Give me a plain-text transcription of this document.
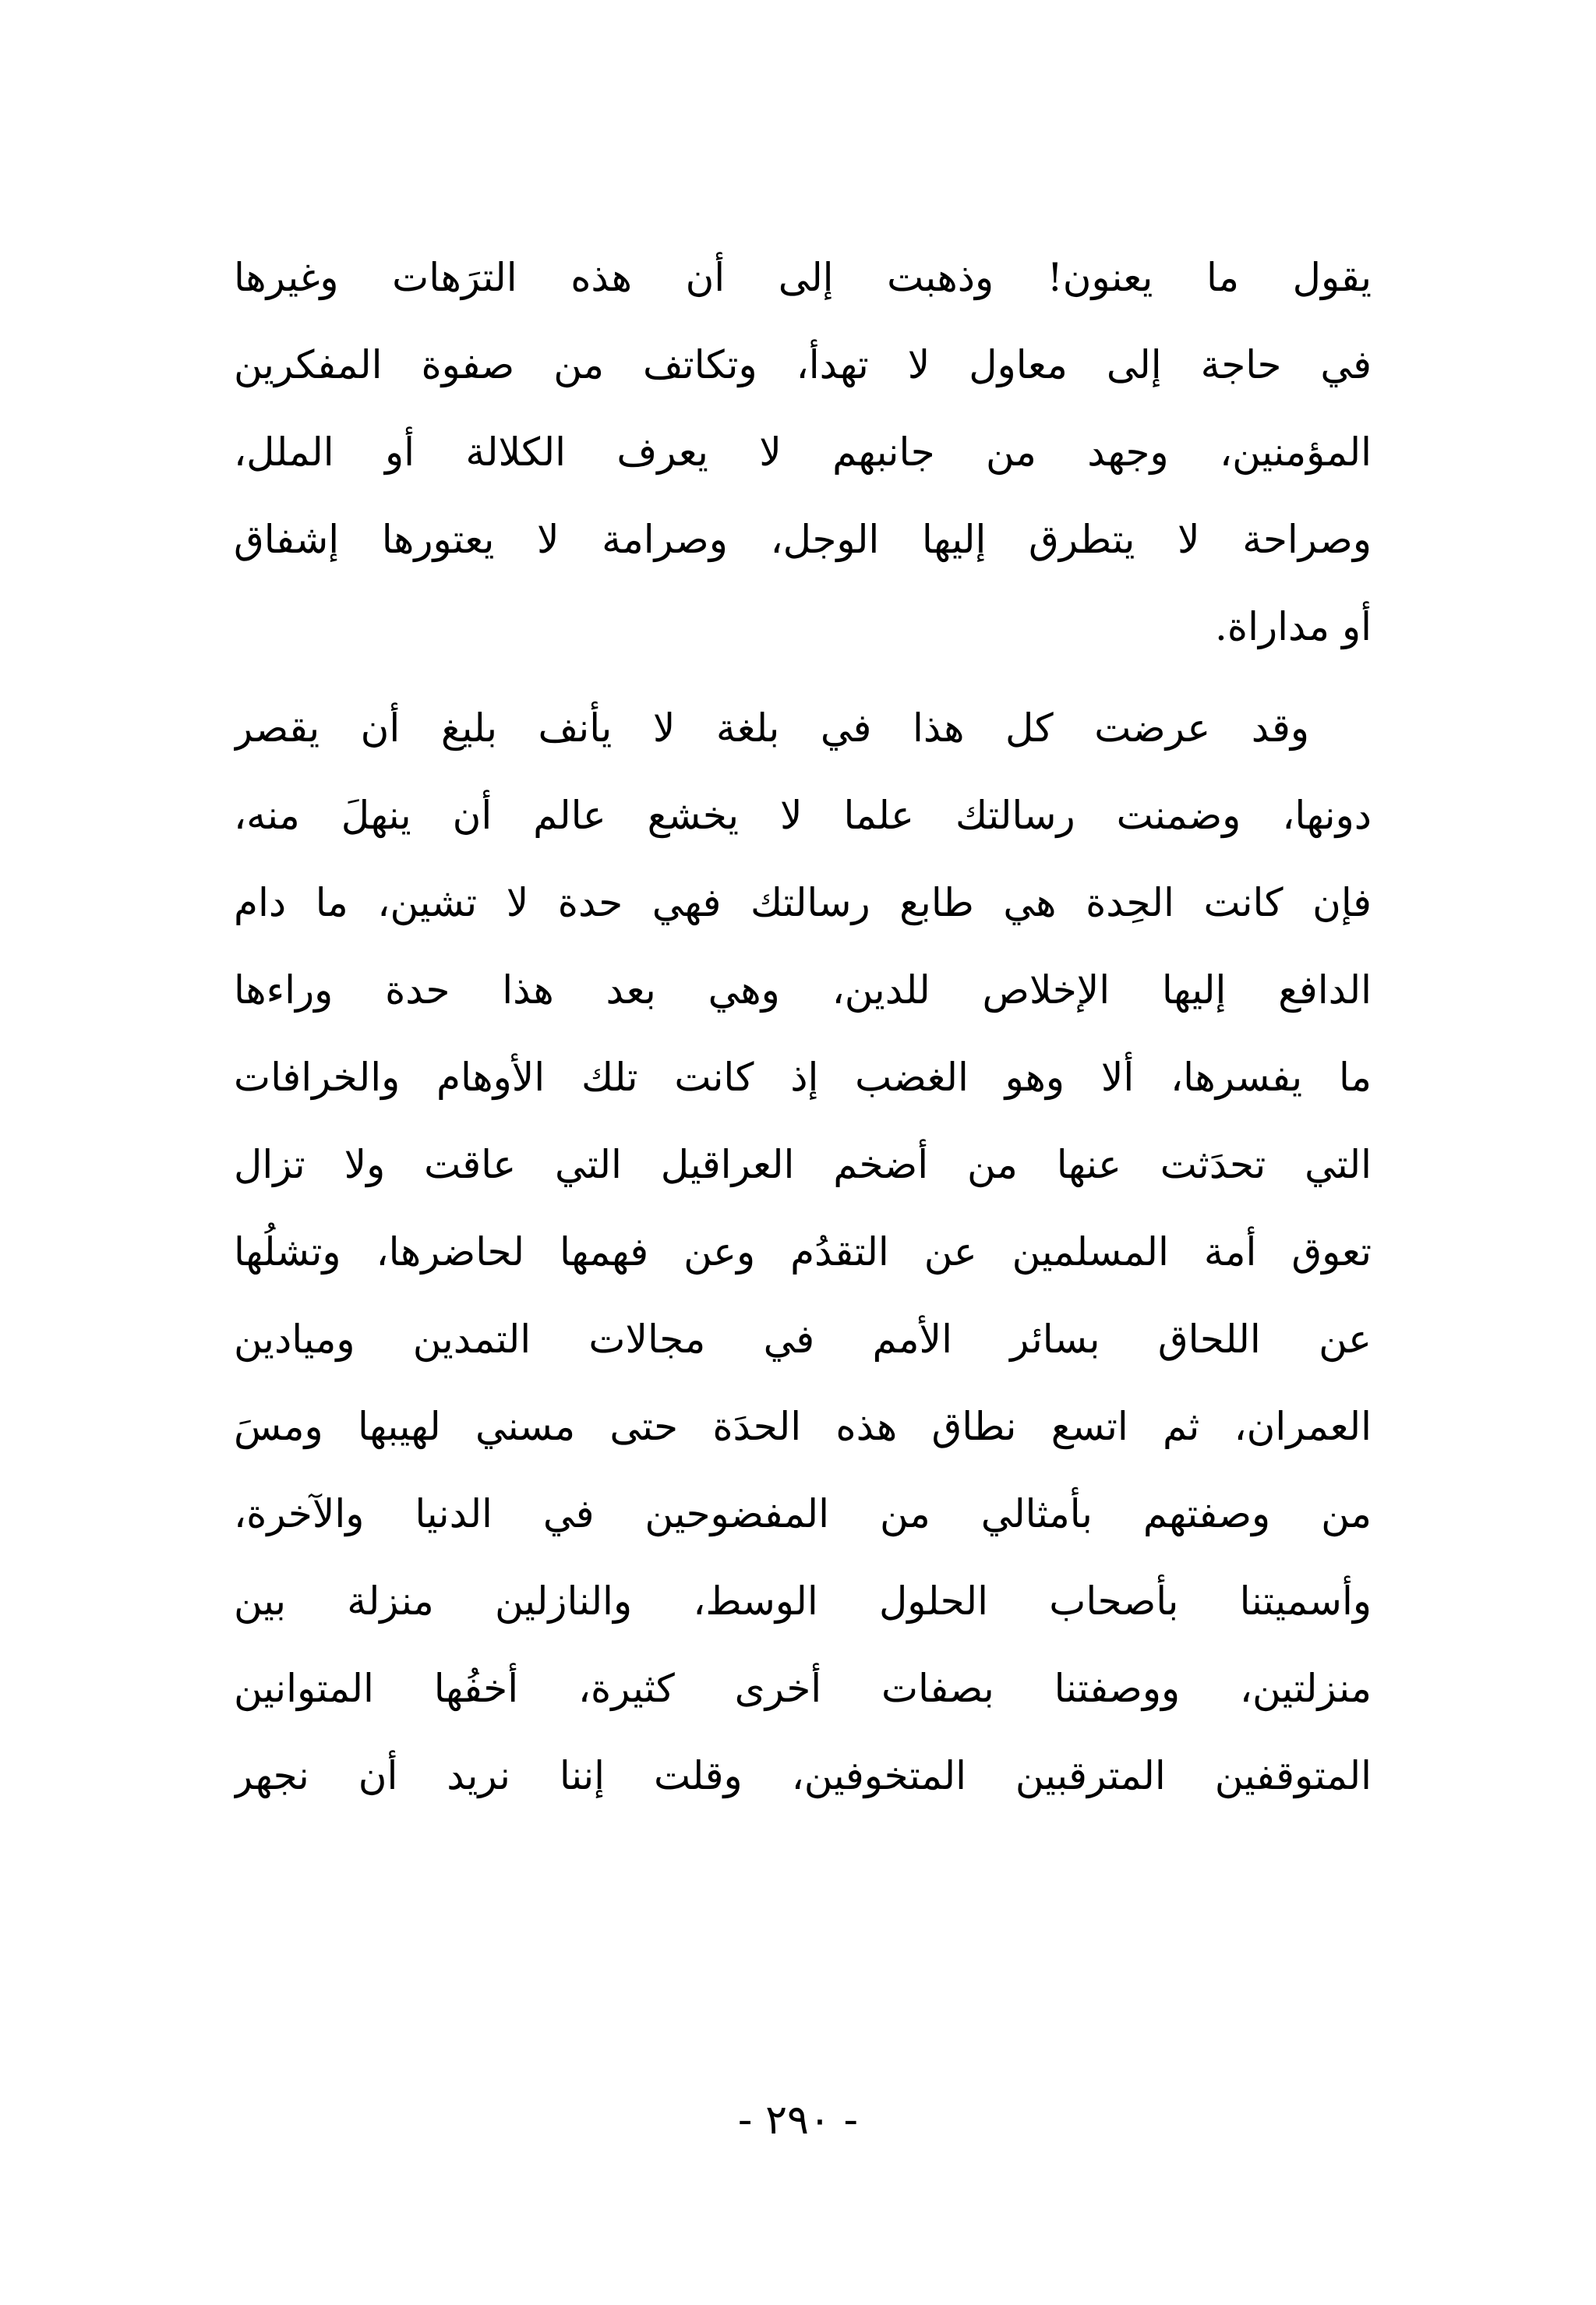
يقول ما يعنون! وذهبت إلى أن هذه الترَهات وغيرها
في حاجة إلى معاول لا تهدأ، وتكاتف من صفوة المفكرين
المؤمنين، وجهد من جانبهم لا يعرف الكلالة أو الملل،
وصراحة لا يتطرق إليها الوجل، وصرامة لا يعتورها إشفاق
أو مداراة.
وقد عرضت كل هذا في بلغة لا يأنف بليغ أن يقصر
دونها، وضمنت رسالتك علما لا يخشع عالم أن ينهلَ منه،
فإن كانت الحِدة هي طابع رسالتك فهي حدة لا تشين، ما دام
الدافع إليها الإخلاص للدين، وهي بعد هذا حدة وراءها
ما يفسرها، ألا وهو الغضب إذ كانت تلك الأوهام والخرافات
التي تحدَثت عنها من أضخم العراقيل التي عاقت ولا تزال
تعوق أمة المسلمين عن التقدُم وعن فهمها لحاضرها، وتشلُها
عن اللحاق بسائر الأمم في مجالات التمدين وميادين
العمران، ثم اتسع نطاق هذه الحدَة حتى مسني لهيبها ومسَ
من وصفتهم بأمثالي من المفضوحين في الدنيا والآخرة،
وأسميتنا بأصحاب الحلول الوسط، والنازلين منزلة بين
منزلتين، ووصفتنا بصفات أخرى كثيرة، أخفُها المتوانين
المتوقفين المترقبين المتخوفين، وقلت إننا نريد أن نجهر
- ٢٩٠ -
